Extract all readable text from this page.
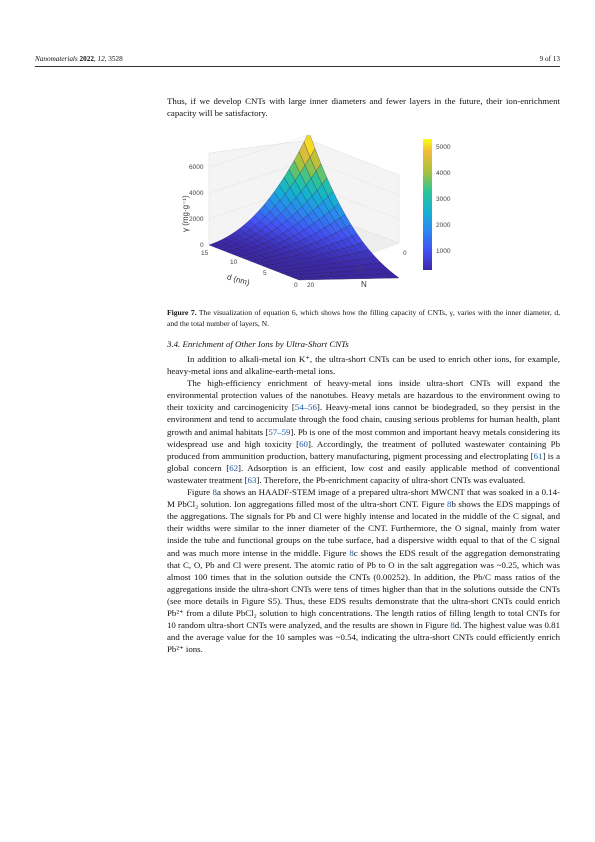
Nanomaterials 2022, 12, 3528	9 of 13
Thus, if we develop CNTs with large inner diameters and fewer layers in the future, their ion-enrichment capacity will be satisfactory.
γ (mg·g⁻¹)
0
2000
4000
6000
15
10
5
0
d (nm)	20
10
0
N
5000
4000
3000
2000
1000
Figure 7. The visualization of equation 6, which shows how the filling capacity of CNTs, γ, varies with the inner diameter, d, and the total number of layers, N.
3.4. Enrichment of Other Ions by Ultra-Short CNTs

In addition to alkali-metal ion K⁺, the ultra-short CNTs can be used to enrich other ions, for example, heavy-metal ions and alkaline-earth-metal ions.

The high-efficiency enrichment of heavy-metal ions inside ultra-short CNTs will expand the environmental protection values of the nanotubes. Heavy metals are hazardous to the environment owing to their toxicity and carcinogenicity [54–56]. Heavy-metal ions cannot be biodegraded, so they persist in the environment and tend to accumulate through the food chain, causing serious problems for human health, plant growth and animal habitats [57–59]. Pb is one of the most common and important heavy metals considering its widespread use and high toxicity [60]. Accordingly, the treatment of polluted wastewater containing Pb produced from ammunition production, battery manufacturing, pigment processing and electroplating [61] is a global concern [62]. Adsorption is an efficient, low cost and easily applicable method of conventional wastewater treatment [63]. Therefore, the Pb-enrichment capacity of ultra-short CNTs was evaluated.

Figure 8a shows an HAADF-STEM image of a prepared ultra-short MWCNT that was soaked in a 0.14-M PbCl₂ solution. Ion aggregations filled most of the ultra-short CNT. Figure 8b shows the EDS mappings of the aggregations. The signals for Pb and Cl were highly intense and located in the middle of the C signal, and their widths were similar to the inner diameter of the CNT. Furthermore, the O signal, mainly from water inside the tube and functional groups on the tube surface, had a dispersive width equal to that of the C signal and was much more intense in the middle. Figure 8c shows the EDS result of the aggregation demonstrating that C, O, Pb and Cl were present. The atomic ratio of Pb to O in the salt aggregation was ~0.25, which was almost 100 times that in the solution outside the CNTs (0.00252). In addition, the Pb/C mass ratios of the aggregations inside the ultra-short CNTs were tens of times higher than that in the solutions outside the CNTs (see more details in Figure S5). Thus, these EDS results demonstrate that the ultra-short CNTs could enrich Pb²⁺ from a dilute PbCl₂ solution to high concentrations. The length ratios of filling length to total CNTs for 10 random ultra-short CNTs were analyzed, and the results are shown in Figure 8d. The highest value was 0.81 and the average value for the 10 samples was ~0.54, indicating the ultra-short CNTs could efficiently enrich Pb²⁺ ions.
